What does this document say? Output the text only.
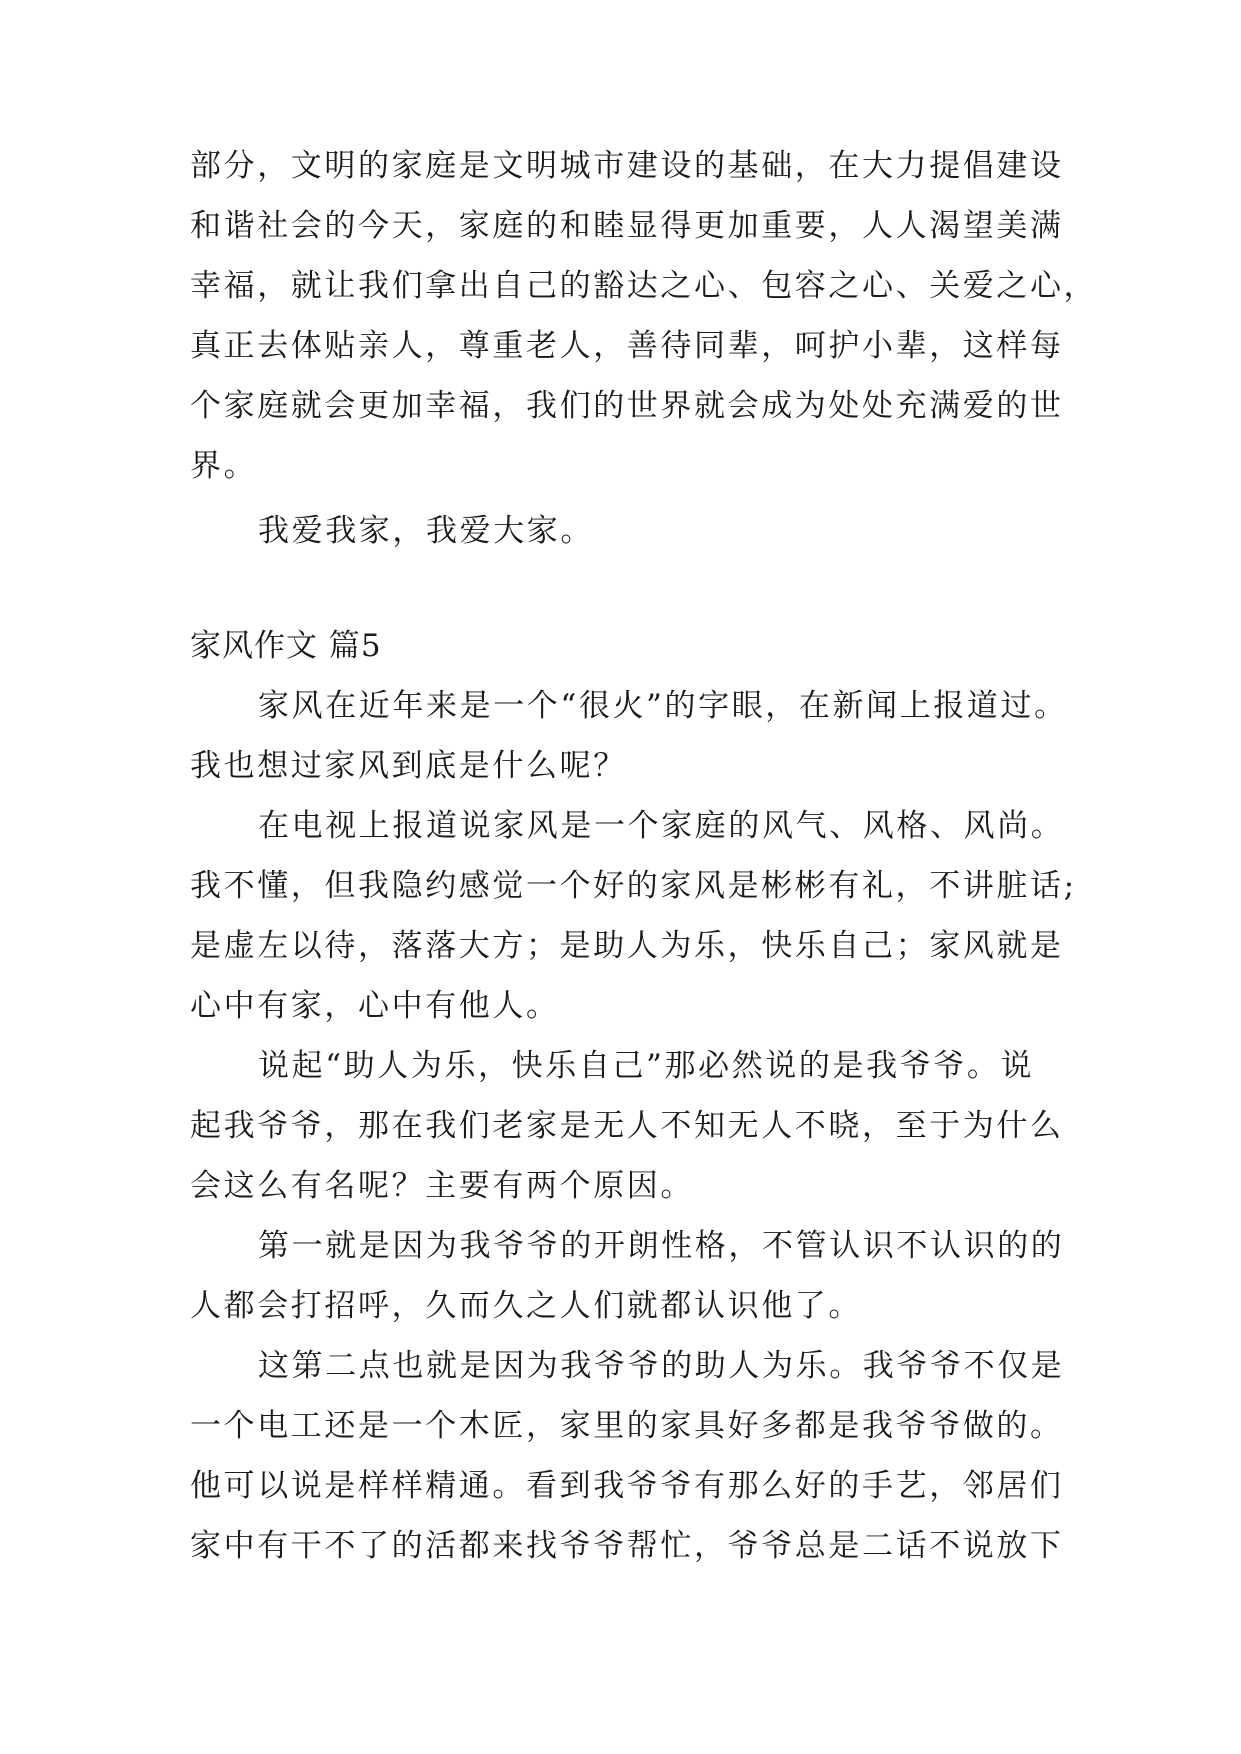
部分，文明的家庭是文明城市建设的基础，在大力提倡建设
和谐社会的今天，家庭的和睦显得更加重要，人人渴望美满
幸福，就让我们拿出自己的豁达之心、包容之心、关爱之心，
真正去体贴亲人，尊重老人，善待同辈，呵护小辈，这样每
个家庭就会更加幸福，我们的世界就会成为处处充满爱的世
界。
我爱我家，我爱大家。
家风作文 篇5
家风在近年来是一个“很火”的字眼，在新闻上报道过。
我也想过家风到底是什么呢？
在电视上报道说家风是一个家庭的风气、风格、风尚。
我不懂，但我隐约感觉一个好的家风是彬彬有礼，不讲脏话;
是虚左以待，落落大方；是助人为乐，快乐自己；家风就是
心中有家，心中有他人。
说起“助人为乐，快乐自己”那必然说的是我爷爷。说
起我爷爷，那在我们老家是无人不知无人不晓，至于为什么
会这么有名呢？主要有两个原因。
第一就是因为我爷爷的开朗性格，不管认识不认识的的
人都会打招呼，久而久之人们就都认识他了。
这第二点也就是因为我爷爷的助人为乐。我爷爷不仅是
一个电工还是一个木匠，家里的家具好多都是我爷爷做的。
他可以说是样样精通。看到我爷爷有那么好的手艺，邻居们
家中有干不了的活都来找爷爷帮忙，爷爷总是二话不说放下
